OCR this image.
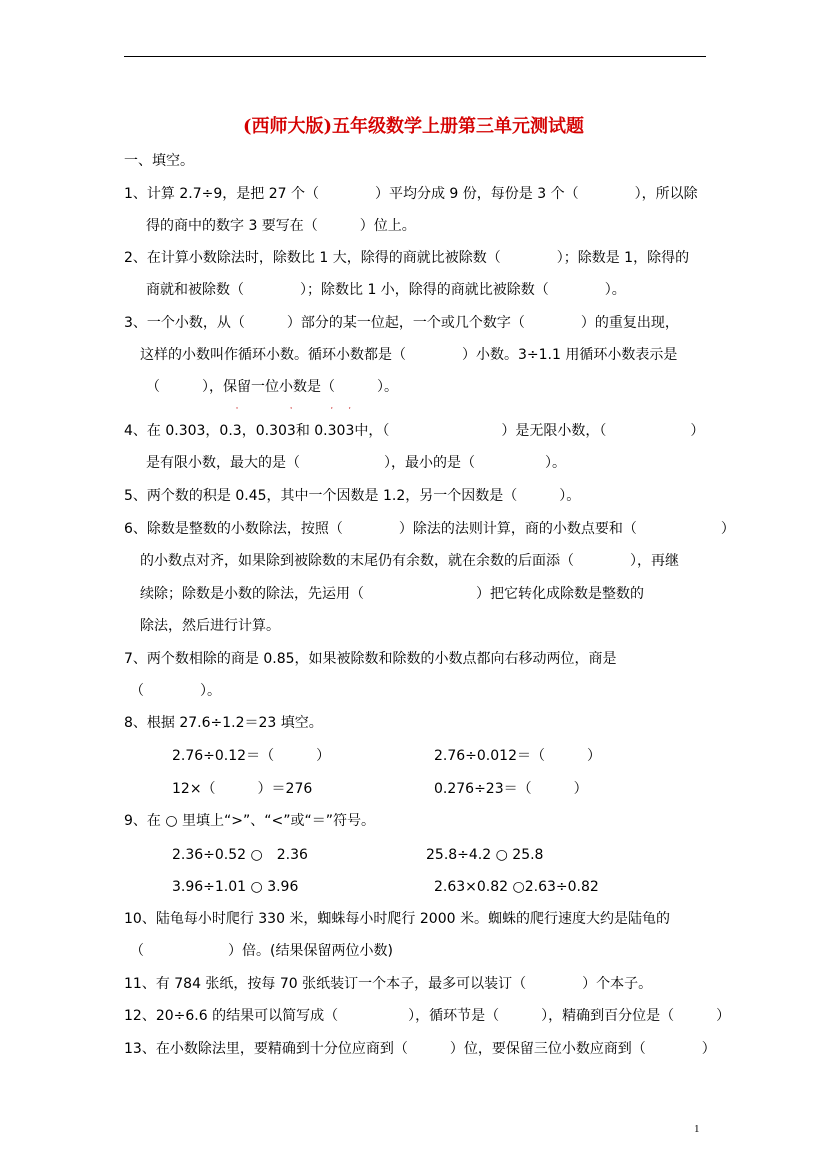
(西师大版)五年级数学上册第三单元测试题
一、填空。
1、计算 2.7÷9，是把 27 个（　　　　）平均分成 9 份，每份是 3 个（　　　　），所以除
得的商中的数字 3 要写在（　　　）位上。
2、在计算小数除法时，除数比 1 大，除得的商就比被除数（　　　　）；除数是 1，除得的
商就和被除数（　　　　）；除数比 1 小，除得的商就比被除数（　　　　）。
3、一个小数，从（　　　）部分的某一位起，一个或几个数字（　　　　）的重复出现，
这样的小数叫作循环小数。循环小数都是（　　　　）小数。3÷1.1 用循环小数表示是
（　　　），保留一位小数是（　　　）。
4、在 0.303，0.
ˑ
3，0.30
ˑ
3和 0.
ˑ
30
ˑ
3中，（　　　　　　　　）是无限小数，（　　　　　　）
是有限小数，最大的是（　　　　　　），最小的是（　　　　　）。
5、两个数的积是 0.45，其中一个因数是 1.2，另一个因数是（　　　）。
6、除数是整数的小数除法，按照（　　　　）除法的法则计算，商的小数点要和（　　　　　　）
的小数点对齐，如果除到被除数的末尾仍有余数，就在余数的后面添（　　　　），再继
续除；除数是小数的除法，先运用（　　　　　　　　）把它转化成除数是整数的
除法，然后进行计算。
7、两个数相除的商是 0.85，如果被除数和除数的小数点都向右移动两位，商是
（　　　　）。
8、根据 27.6÷1.2＝23 填空。
2.76÷0.12＝（　　　）	2.76÷0.012＝（　　　）
12×（　　　）＝276	0.276÷23＝（　　　）
9、在 ○ 里填上“>”、“<”或“＝”符号。
2.36÷0.52 ○　2.36	25.8÷4.2 ○ 25.8
3.96÷1.01 ○ 3.96	2.63×0.82 ○2.63÷0.82
10、陆龟每小时爬行 330 米，蜘蛛每小时爬行 2000 米。蜘蛛的爬行速度大约是陆龟的
（　　　　　　）倍。(结果保留两位小数)
11、有 784 张纸，按每 70 张纸装订一个本子，最多可以装订（　　　　）个本子。
12、20÷6.6 的结果可以简写成（　　　　　），循环节是（　　　），精确到百分位是（　　　）
13、在小数除法里，要精确到十分位应商到（　　　）位，要保留三位小数应商到（　　　　）
1
